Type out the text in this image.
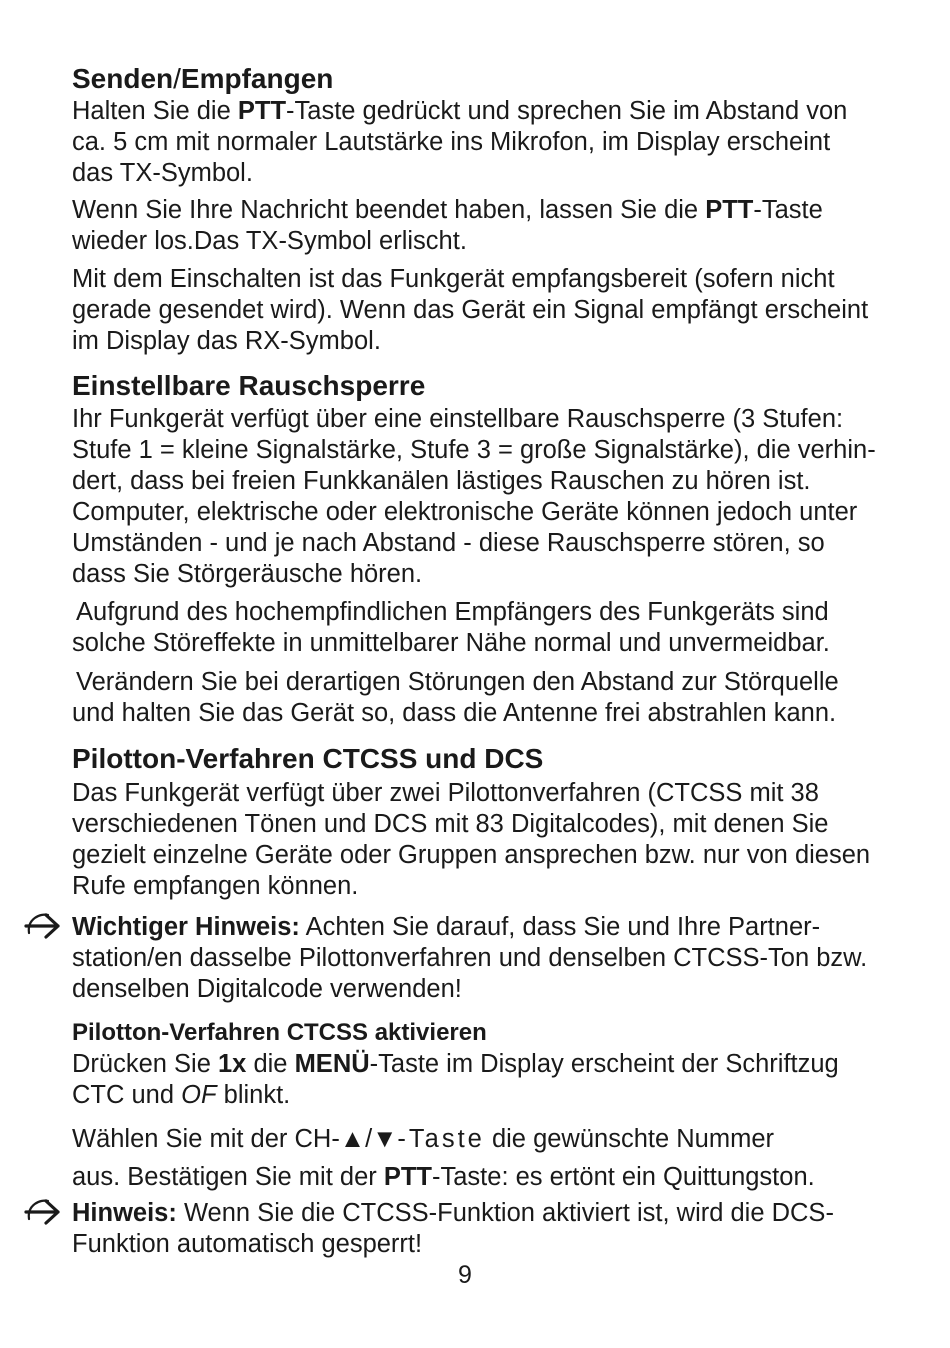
Senden/Empfangen
Halten Sie die PTT-Taste gedrückt und sprechen Sie im Abstand von
ca. 5 cm mit normaler Lautstärke ins Mikrofon, im Display erscheint
das TX-Symbol.
Wenn Sie Ihre Nachricht beendet haben, lassen Sie die PTT-Taste
wieder los.Das TX-Symbol erlischt.
Mit dem Einschalten ist das Funkgerät empfangsbereit (sofern nicht
gerade gesendet wird). Wenn das Gerät ein Signal empfängt erscheint
im Display das RX-Symbol.
Einstellbare Rauschsperre
Ihr Funkgerät verfügt über eine einstellbare Rauschsperre (3 Stufen:
Stufe 1 = kleine Signalstärke, Stufe 3 = große Signalstärke), die verhin-
dert, dass bei freien Funkkanälen lästiges Rauschen zu hören ist.
Computer, elektrische oder elektronische Geräte können jedoch unter
Umständen - und je nach Abstand - diese Rauschsperre stören, so
dass Sie Störgeräusche hören.
Aufgrund des hochempfindlichen Empfängers des Funkgeräts sind
solche Störeffekte in unmittelbarer Nähe normal und unvermeidbar.
Verändern Sie bei derartigen Störungen den Abstand zur Störquelle
und halten Sie das Gerät so, dass die Antenne frei abstrahlen kann.
Pilotton-Verfahren CTCSS und DCS
Das Funkgerät verfügt über zwei Pilottonverfahren (CTCSS mit 38
verschiedenen Tönen und DCS mit 83 Digitalcodes), mit denen Sie
gezielt einzelne Geräte oder Gruppen ansprechen bzw. nur von diesen
Rufe empfangen können.
Wichtiger Hinweis: Achten Sie darauf, dass Sie und Ihre Partner-
station/en dasselbe Pilottonverfahren und denselben CTCSS-Ton bzw.
denselben Digitalcode verwenden!
Pilotton-Verfahren CTCSS aktivieren
Drücken Sie 1x die MENÜ-Taste im Display erscheint der Schriftzug
CTC und OF blinkt.
Wählen Sie mit der CH-▲/▼-Taste die gewünschte Nummer
aus. Bestätigen Sie mit der PTT-Taste: es ertönt ein Quittungston.
Hinweis: Wenn Sie die CTCSS-Funktion aktiviert ist, wird die DCS-
Funktion automatisch gesperrt!
9
